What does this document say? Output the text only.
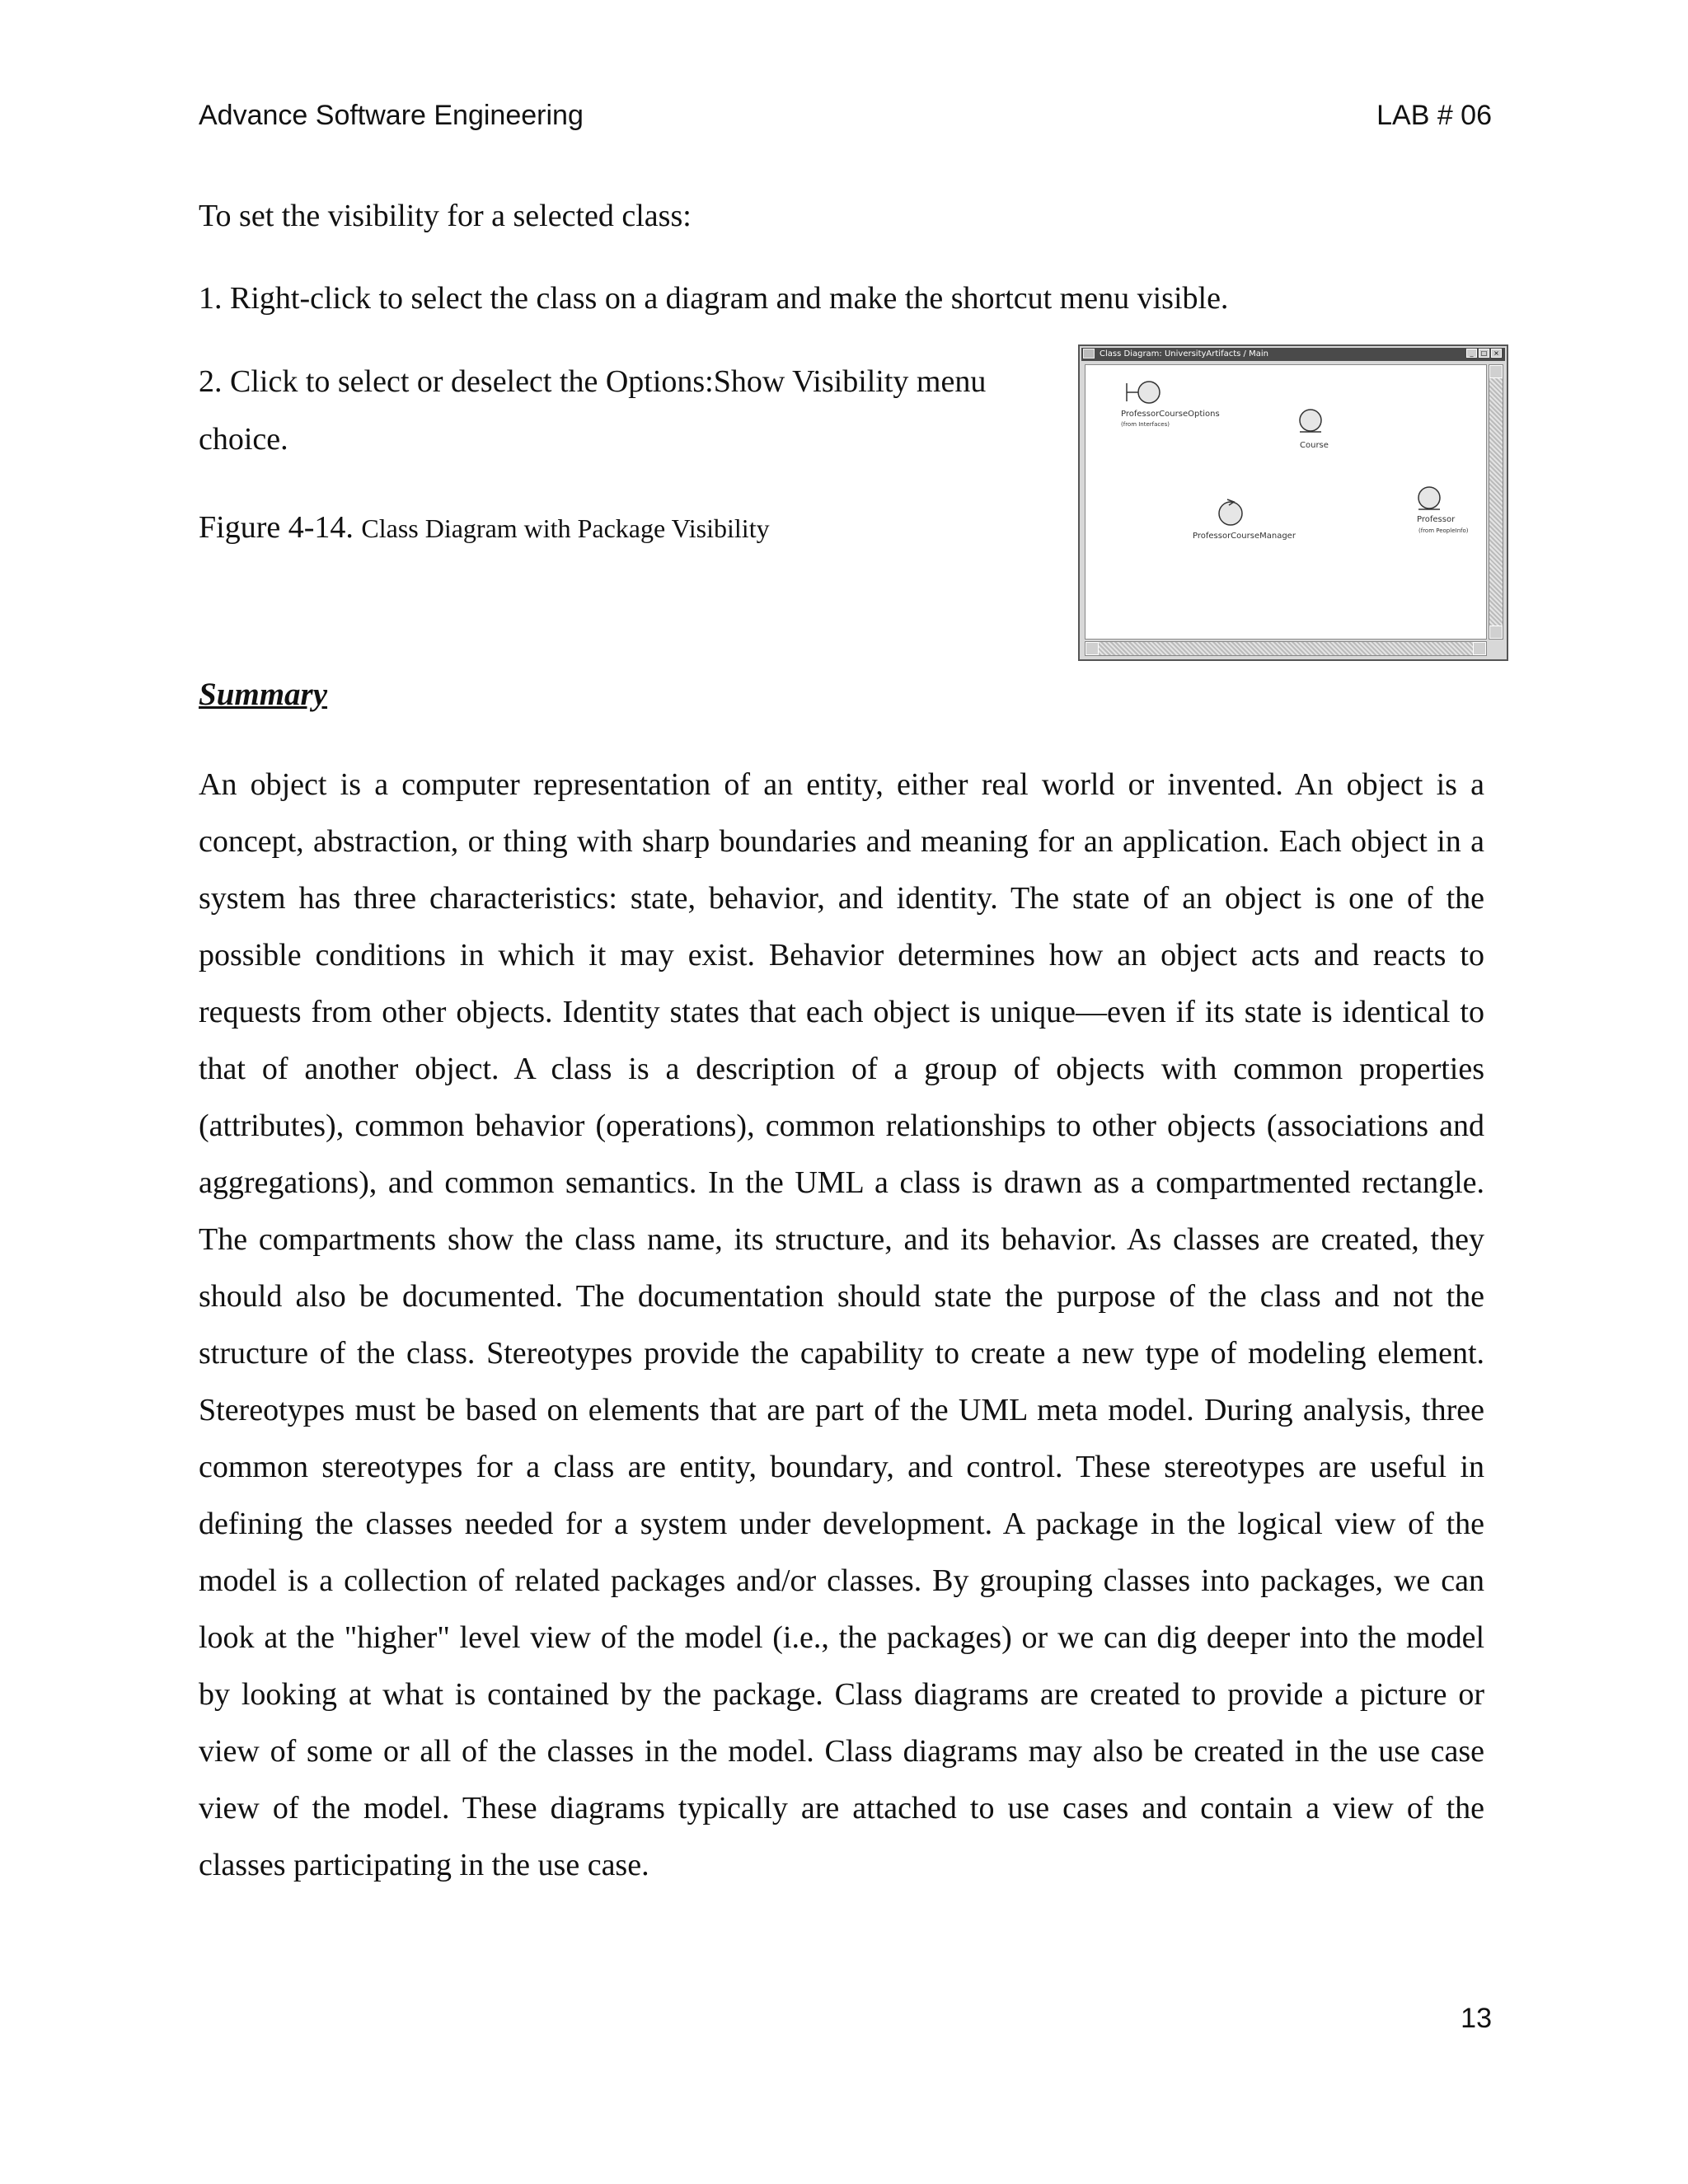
Advance Software Engineering	LAB # 06
To set the visibility for a selected class:
1. Right-click to select the class on a diagram and make the shortcut menu visible.
2. Click to select or deselect the Options:Show Visibility menu
choice.
Figure 4-14. Class Diagram with Package Visibility
Class Diagram: UniversityArtifacts / Main	_	□ ×
ProfessorCourseOptions
(from Interfaces)
Course
ProfessorCourseManager
Professor
(from PeopleInfo)
Summary
An object is a computer representation of an entity, either real world or invented. An object is a concept, abstraction, or thing with sharp boundaries and meaning for an application. Each object in a system has three characteristics: state, behavior, and identity. The state of an object is one of the possible conditions in which it may exist. Behavior determines how an object acts and reacts to requests from other objects. Identity states that each object is unique—even if its state is identical to that of another object. A class is a description of a group of objects with common properties (attributes), common behavior (operations), common relationships to other objects (associations and aggregations), and common semantics. In the UML a class is drawn as a compartmented rectangle. The compartments show the class name, its structure, and its behavior. As classes are created, they should also be documented. The documentation should state the purpose of the class and not the structure of the class. Stereotypes provide the capability to create a new type of modeling element. Stereotypes must be based on elements that are part of the UML meta model. During analysis, three common stereotypes for a class are entity, boundary, and control. These stereotypes are useful in defining the classes needed for a system under development. A package in the logical view of the model is a collection of related packages and/or classes. By grouping classes into packages, we can look at the "higher" level view of the model (i.e., the packages) or we can dig deeper into the model by looking at what is contained by the package. Class diagrams are created to provide a picture or view of some or all of the classes in the model. Class diagrams may also be created in the use case view of the model. These diagrams typically are attached to use cases and contain a view of the classes participating in the use case.
13
